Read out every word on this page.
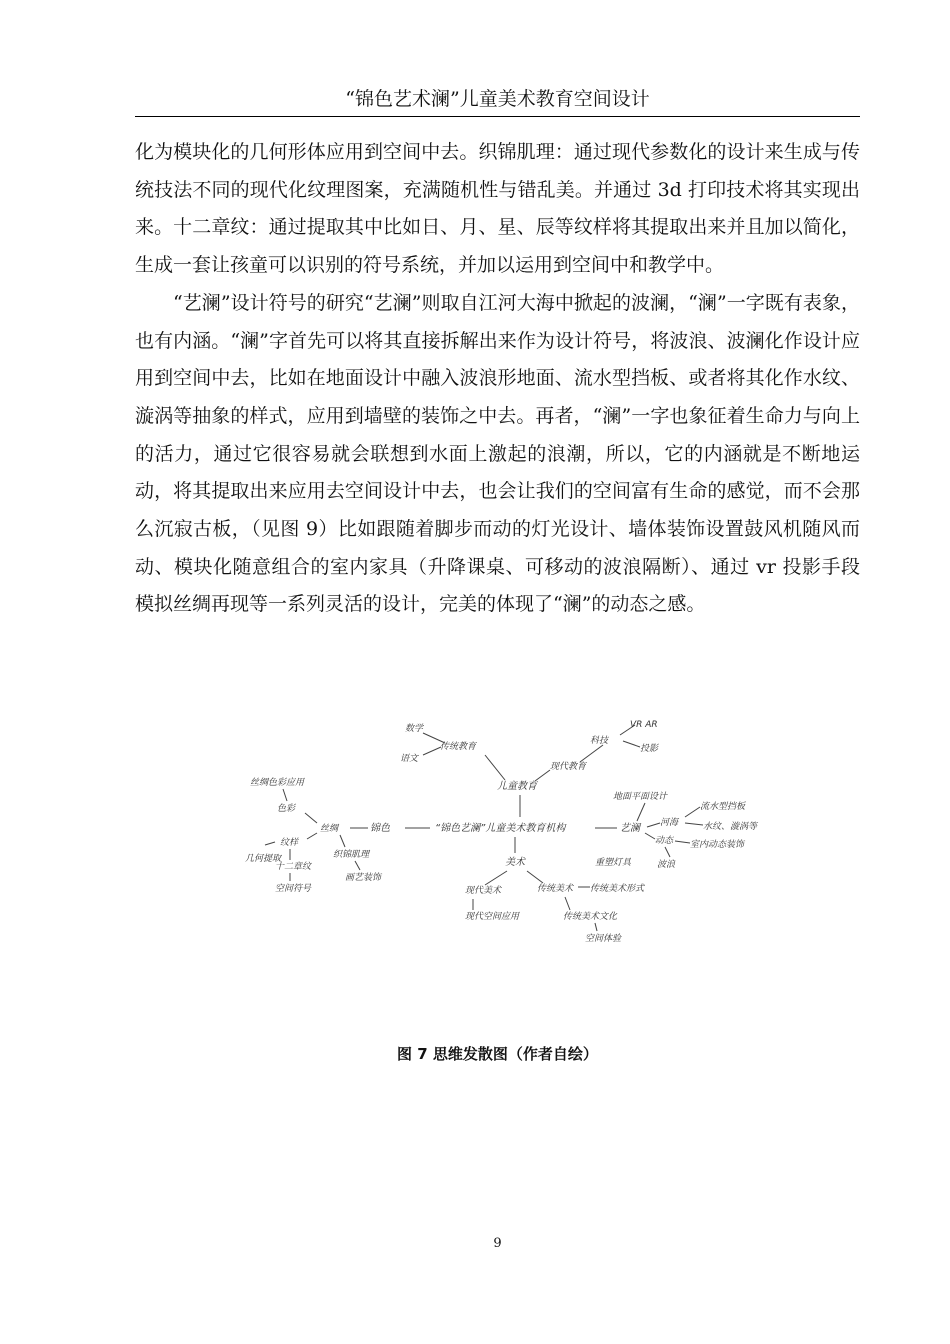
“锦色艺术澜”儿童美术教育空间设计

化为模块化的几何形体应用到空间中去。织锦肌理：通过现代参数化的设计来生成与传统技法不同的现代化纹理图案，充满随机性与错乱美。并通过 3d 打印技术将其实现出来。十二章纹：通过提取其中比如日、月、星、辰等纹样将其提取出来并且加以简化，生成一套让孩童可以识别的符号系统，并加以运用到空间中和教学中。

“艺澜”设计符号的研究“艺澜”则取自江河大海中掀起的波澜，“澜”一字既有表象，也有内涵。“澜”字首先可以将其直接拆解出来作为设计符号，将波浪、波澜化作设计应用到空间中去，比如在地面设计中融入波浪形地面、流水型挡板、或者将其化作水纹、漩涡等抽象的样式，应用到墙壁的装饰之中去。再者，“澜”一字也象征着生命力与向上的活力，通过它很容易就会联想到水面上激起的浪潮，所以，它的内涵就是不断地运动，将其提取出来应用去空间设计中去，也会让我们的空间富有生命的感觉，而不会那么沉寂古板，（见图 9）比如跟随着脚步而动的灯光设计、墙体装饰设置鼓风机随风而动、模块化随意组合的室内家具（升降课桌、可移动的波浪隔断）、通过 vr 投影手段模拟丝绸再现等一系列灵活的设计，完美的体现了“澜”的动态之感。

“锦色艺澜”儿童美术教育机构
儿童教育
传统教育
数学
语文
现代教育
科技
VR AR
投影
艺澜
地面平面设计
河海
流水型挡板
水纹、漩涡等
动态 室内动态装饰
波浪
锦色
丝绸
色彩
丝绸色彩应用
纹样
几何提取
十二章纹
空间符号
织锦肌理
画艺装饰
美术
现代美术
现代空间应用
传统美术 传统美术形式
重塑灯具
传统美术文化
空间体验
图 7 思维发散图（作者自绘）
9
